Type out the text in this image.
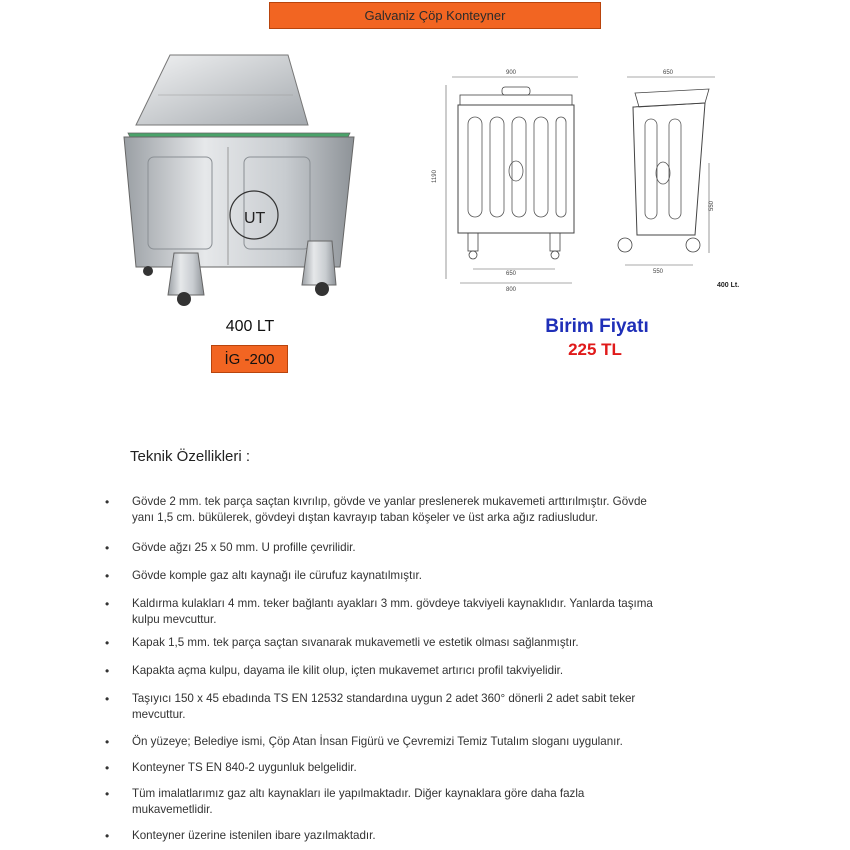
Galvaniz Çöp Konteyner
UT
900
1190
650
800
650
550
550
400 Lt.
400 LT
İG -200
Birim Fiyatı
225 TL
Teknik Özellikleri :
• Gövde 2 mm. tek parça saçtan kıvrılıp, gövde ve yanlar preslenerek mukavemeti arttırılmıştır. Gövde
yanı 1,5 cm. bükülerek, gövdeyi dıştan kavrayıp taban köşeler ve üst arka ağız radiusludur.
• Gövde ağzı 25 x 50 mm. U profille çevrilidir.
• Gövde komple gaz altı kaynağı ile cürufuz kaynatılmıştır.
• Kaldırma kulakları 4 mm. teker bağlantı ayakları 3 mm. gövdeye takviyeli kaynaklıdır. Yanlarda taşıma
kulpu mevcuttur.
• Kapak 1,5 mm. tek parça saçtan sıvanarak mukavemetli ve estetik olması sağlanmıştır.
• Kapakta açma kulpu, dayama ile kilit olup, içten mukavemet artırıcı profil takviyelidir.
• Taşıyıcı 150 x 45 ebadında TS EN 12532 standardına uygun 2 adet 360° dönerli 2 adet sabit teker
mevcuttur.
• Ön yüzeye; Belediye ismi, Çöp Atan İnsan Figürü ve Çevremizi Temiz Tutalım sloganı uygulanır.
• Konteyner TS EN 840-2 uygunluk belgelidir.
• Tüm imalatlarımız gaz altı kaynakları ile yapılmaktadır. Diğer kaynaklara göre daha fazla
mukavemetlidir.
• Konteyner üzerine istenilen ibare yazılmaktadır.
